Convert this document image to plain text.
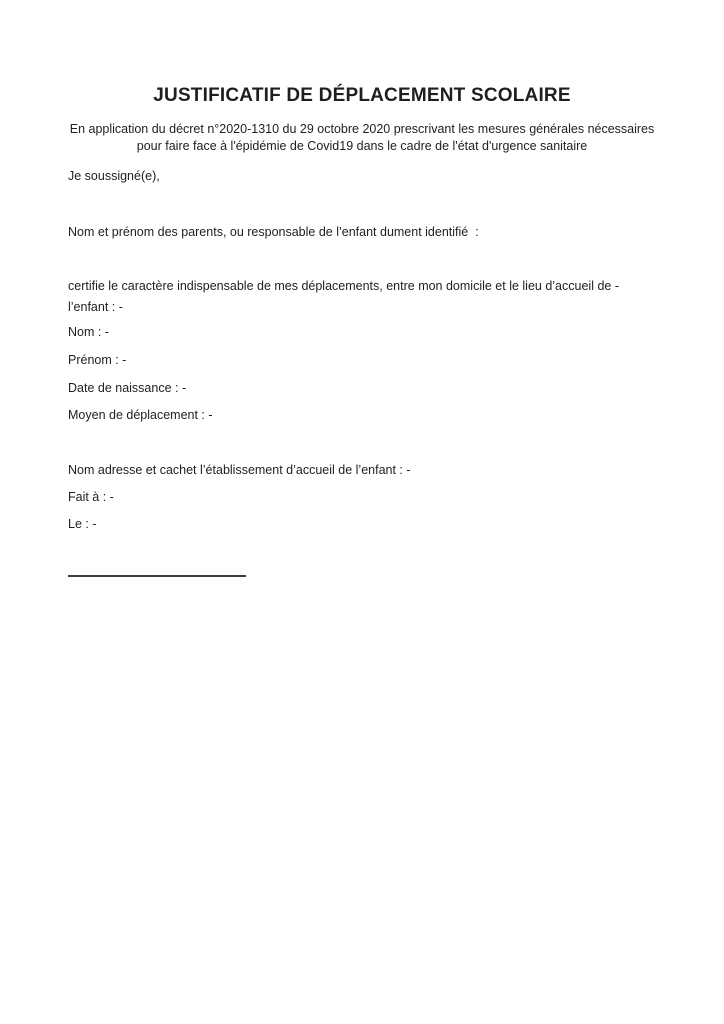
JUSTIFICATIF DE DÉPLACEMENT SCOLAIRE
En application du décret n°2020-1310 du 29 octobre 2020 prescrivant les mesures générales nécessaires pour faire face à l'épidémie de Covid19 dans le cadre de l'état d'urgence sanitaire
Je soussigné(e),
Nom et prénom des parents, ou responsable de l’enfant dument identifié  :
certifie le caractère indispensable de mes déplacements, entre mon domicile et le lieu d’accueil de - l’enfant : -
Nom : -
Prénom : -
Date de naissance : -
Moyen de déplacement : -
Nom adresse et cachet l’établissement d’accueil de l’enfant : -
Fait à : -
Le : -
